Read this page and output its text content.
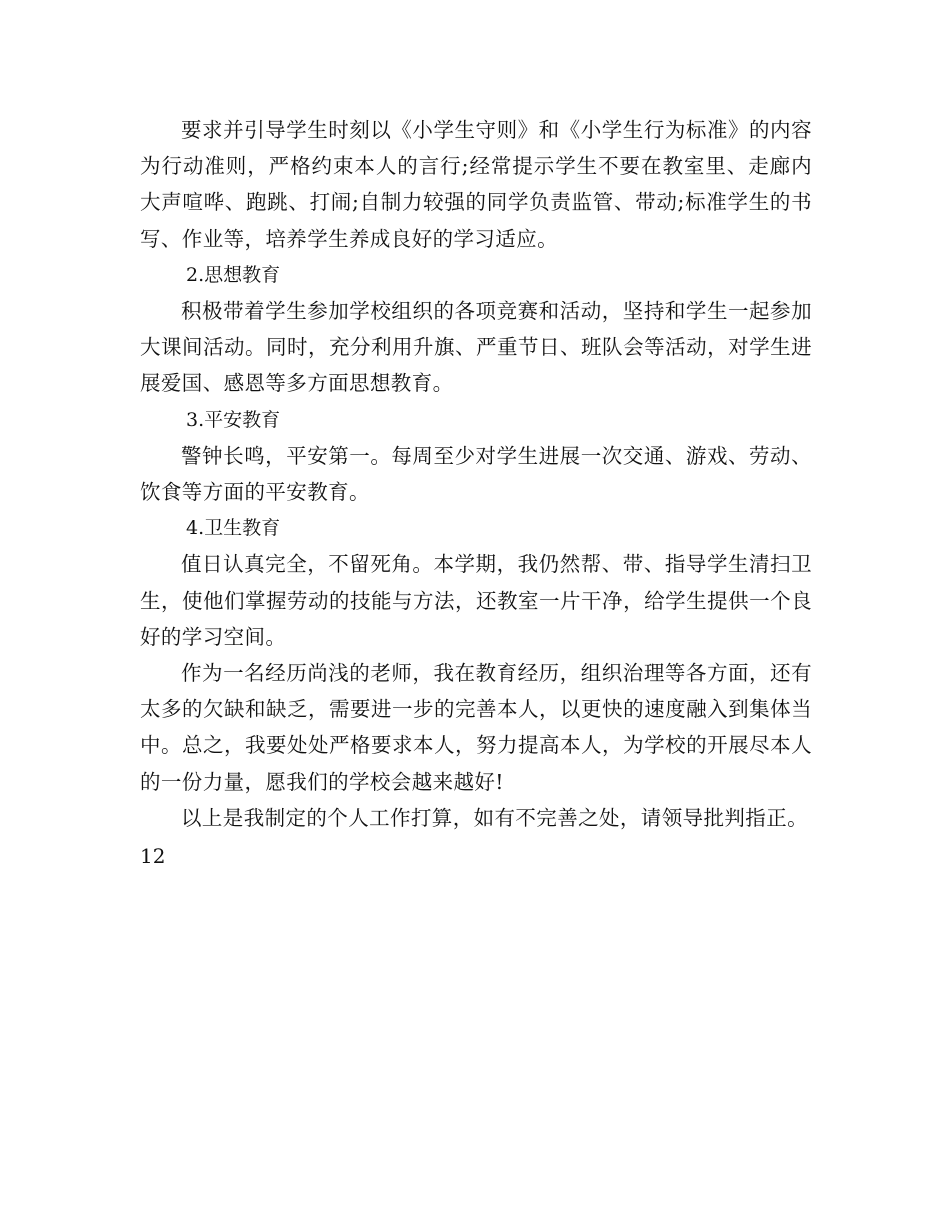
要求并引导学生时刻以《小学生守则》和《小学生行为标准》的内容为行动准则，严格约束本人的言行;经常提示学生不要在教室里、走廊内大声喧哗、跑跳、打闹;自制力较强的同学负责监管、带动;标准学生的书写、作业等，培养学生养成良好的学习适应。

2.思想教育

积极带着学生参加学校组织的各项竞赛和活动，坚持和学生一起参加大课间活动。同时，充分利用升旗、严重节日、班队会等活动，对学生进展爱国、感恩等多方面思想教育。

3.平安教育

警钟长鸣，平安第一。每周至少对学生进展一次交通、游戏、劳动、饮食等方面的平安教育。

4.卫生教育

值日认真完全，不留死角。本学期，我仍然帮、带、指导学生清扫卫生，使他们掌握劳动的技能与方法，还教室一片干净，给学生提供一个良好的学习空间。

作为一名经历尚浅的老师，我在教育经历，组织治理等各方面，还有太多的欠缺和缺乏，需要进一步的完善本人，以更快的速度融入到集体当中。总之，我要处处严格要求本人，努力提高本人，为学校的开展尽本人的一份力量，愿我们的学校会越来越好!

以上是我制定的个人工作打算，如有不完善之处，请领导批判指正。

12
